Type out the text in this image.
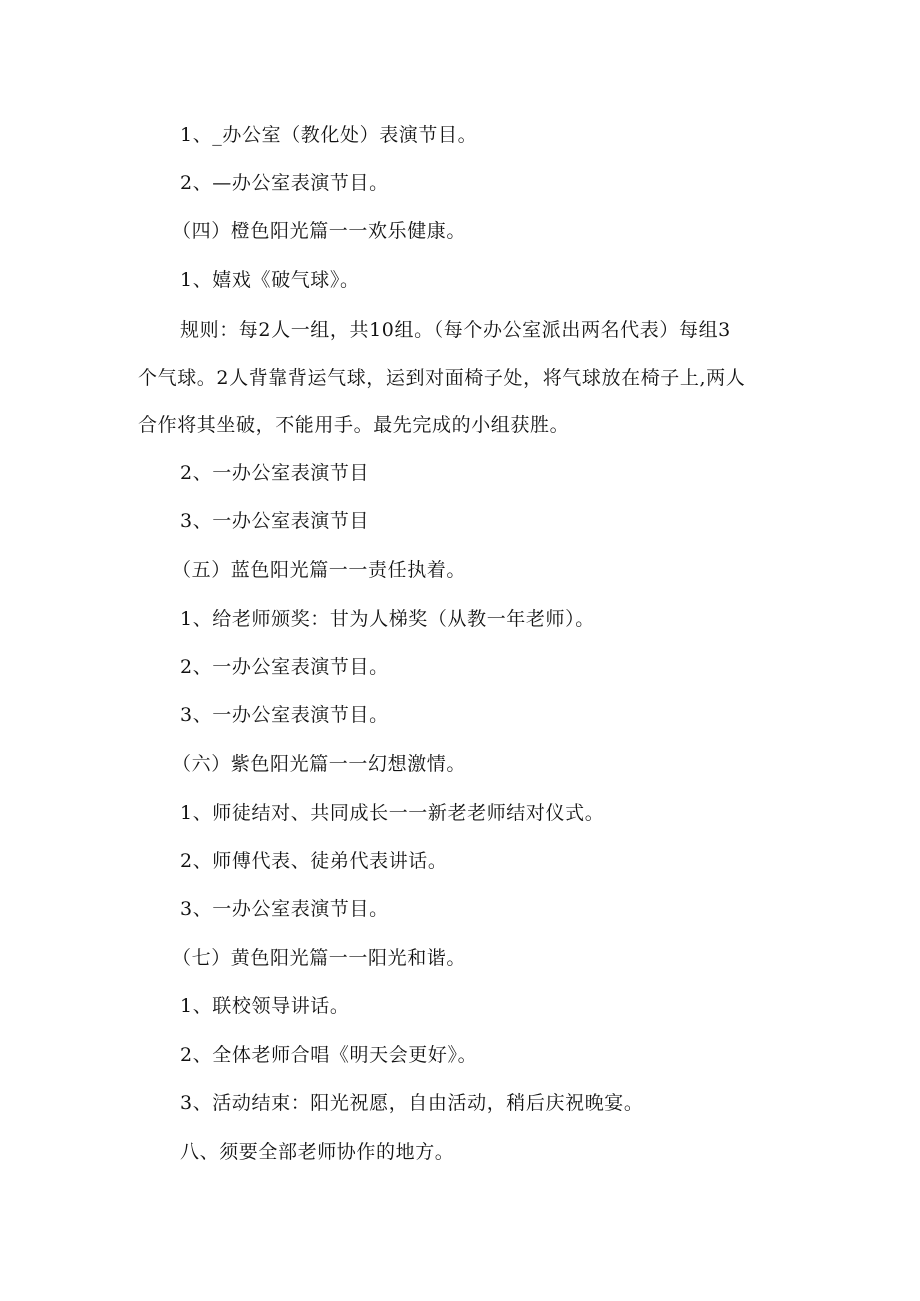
1、_办公室（教化处）表演节目。
2、—办公室表演节目。
（四）橙色阳光篇一一欢乐健康。
1、嬉戏《破气球》。
规则：每2人一组，共10组。（每个办公室派出两名代表）每组3
个气球。2人背靠背运气球，运到对面椅子处，将气球放在椅子上,两人
合作将其坐破，不能用手。最先完成的小组获胜。
2、一办公室表演节目
3、一办公室表演节目
（五）蓝色阳光篇一一责任执着。
1、给老师颁奖：甘为人梯奖（从教一年老师）。
2、一办公室表演节目。
3、一办公室表演节目。
（六）紫色阳光篇一一幻想激情。
1、师徒结对、共同成长一一新老老师结对仪式。
2、师傅代表、徒弟代表讲话。
3、一办公室表演节目。
（七）黄色阳光篇一一阳光和谐。
1、联校领导讲话。
2、全体老师合唱《明天会更好》。
3、活动结束：阳光祝愿，自由活动，稍后庆祝晚宴。
八、须要全部老师协作的地方。
